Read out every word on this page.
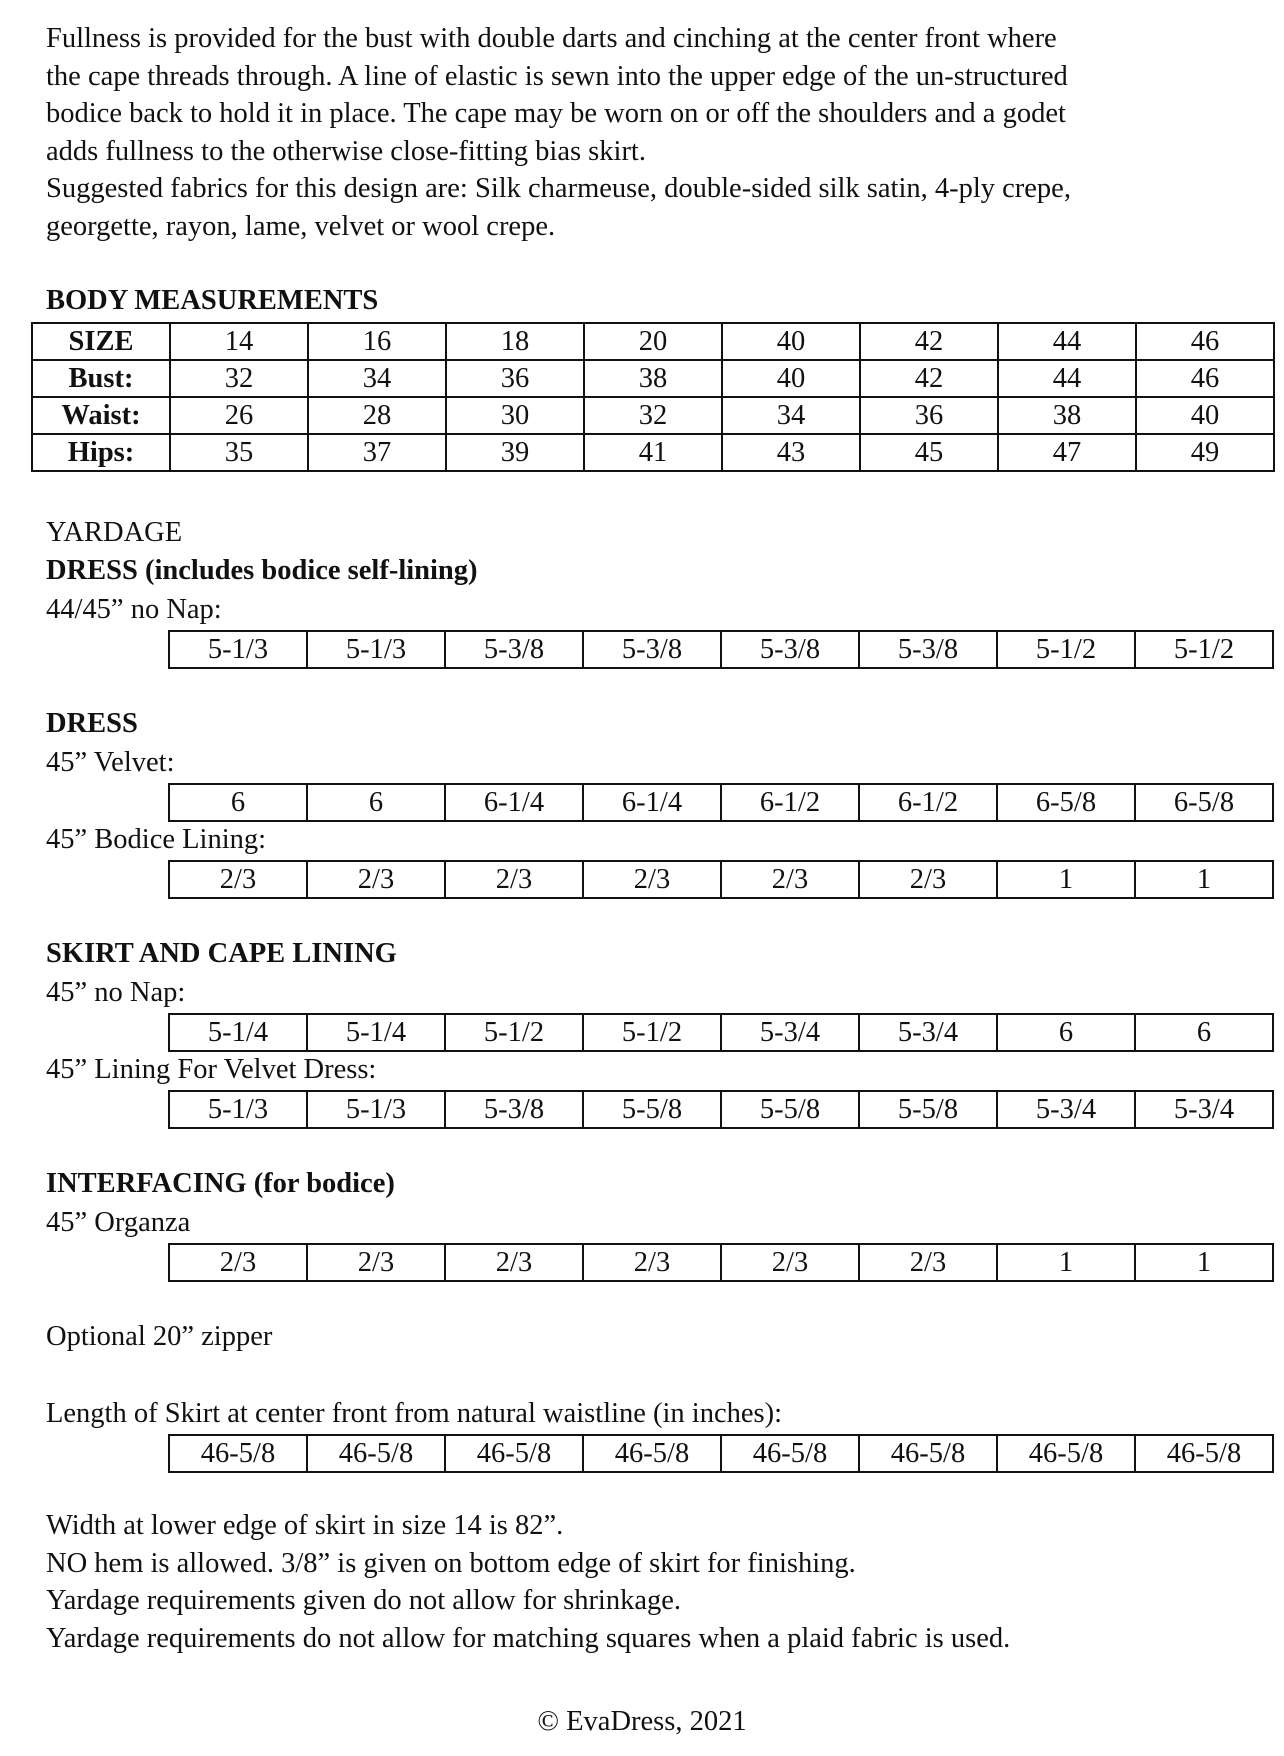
Fullness is provided for the bust with double darts and cinching at the center front where

the cape threads through. A line of elastic is sewn into the upper edge of the un-structured

bodice back to hold it in place. The cape may be worn on or off the shoulders and a godet

adds fullness to the otherwise close-fitting bias skirt.

Suggested fabrics for this design are: Silk charmeuse, double-sided silk satin, 4-ply crepe,

georgette, rayon, lame, velvet or wool crepe.

BODY MEASUREMENTS
SIZE	14	16	18	20	40	42	44	46
Bust:	32	34	36	38	40	42	44	46
Waist:	26	28	30	32	34	36	38	40
Hips:	35	37	39	41	43	45	47	49
YARDAGE
DRESS (includes bodice self-lining)
44/45” no Nap:
5-1/3	5-1/3	5-3/8	5-3/8	5-3/8	5-3/8	5-1/2	5-1/2
DRESS
45” Velvet:
6	6	6-1/4	6-1/4	6-1/2	6-1/2	6-5/8	6-5/8
45” Bodice Lining:
2/3	2/3	2/3	2/3	2/3	2/3	1	1
SKIRT AND CAPE LINING
45” no Nap:
5-1/4	5-1/4	5-1/2	5-1/2	5-3/4	5-3/4	6	6
45” Lining For Velvet Dress:
5-1/3	5-1/3	5-3/8	5-5/8	5-5/8	5-5/8	5-3/4	5-3/4
INTERFACING (for bodice)
45” Organza
2/3	2/3	2/3	2/3	2/3	2/3	1	1
Optional 20” zipper
Length of Skirt at center front from natural waistline (in inches):
46-5/8	46-5/8	46-5/8	46-5/8	46-5/8	46-5/8	46-5/8	46-5/8

Width at lower edge of skirt in size 14 is 82”.

NO hem is allowed. 3/8” is given on bottom edge of skirt for finishing.

Yardage requirements given do not allow for shrinkage.

Yardage requirements do not allow for matching squares when a plaid fabric is used.

© EvaDress, 2021
